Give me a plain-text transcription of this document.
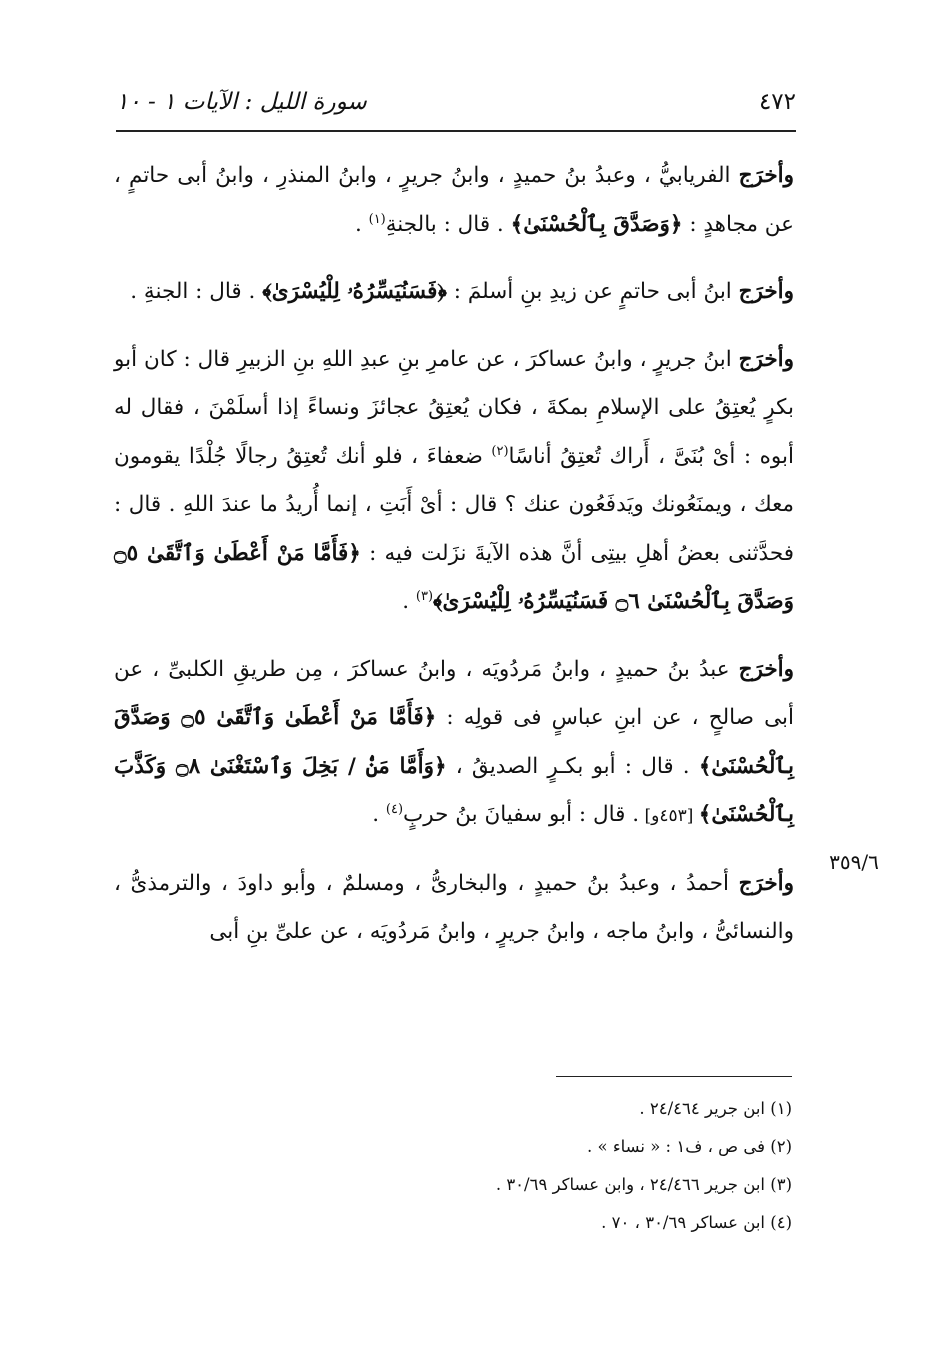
٤٧٢
سورة الليل : الآيات ١ - ١٠

وأخرَج الفريابيُّ ، وعبدُ بنُ حميدٍ ، وابنُ جريرٍ ، وابنُ المنذرِ ، وابنُ أبى حاتمٍ ، عن مجاهدٍ : ﴿وَصَدَّقَ بِٱلْحُسْنَىٰ﴾ . قال : بالجنةِ$^{(١)}$ .

وأخرَج ابنُ أبى حاتمٍ عن زيدِ بنِ أسلمَ : ﴿فَسَنُيَسِّرُهُۥ لِلْيُسْرَىٰ﴾ . قال : الجنةِ .

وأخرَج ابنُ جريرٍ ، وابنُ عساكرَ ، عن عامرِ بنِ عبدِ اللهِ بنِ الزبيرِ قال : كان أبو بكرٍ يُعتِقُ على الإسلامِ بمكةَ ، فكان يُعتِقُ عجائزَ ونساءً إذا أسلَمْنَ ، فقال له أبوه : أىْ بُنَىَّ ، أَراك تُعتِقُ أناسًا$^{(٢)}$ ضعفاءَ ، فلو أنك تُعتِقُ رجالًا جُلْدًا يقومون معك ، ويمنَعُونك ويَدفَعُون عنك ؟ قال : أىْ أَبَتِ ، إنما أُريدُ ما عندَ اللهِ . قال : فحدَّثنى بعضُ أهلِ بيتِى أنَّ هذه الآيةَ نزَلت فيه : ﴿فَأَمَّا مَنْ أَعْطَىٰ وَٱتَّقَىٰ ۝٥ وَصَدَّقَ بِٱلْحُسْنَىٰ ۝٦ فَسَنُيَسِّرُهُۥ لِلْيُسْرَىٰ﴾$^{(٣)}$ .

وأخرَج عبدُ بنُ حميدٍ ، وابنُ مَردُويَه ، وابنُ عساكرَ ، مِن طريقِ الكلبىِّ ، عن أبى صالحٍ ، عن ابنِ عباسٍ فى قولِه : ﴿فَأَمَّا مَنْ أَعْطَىٰ وَٱتَّقَىٰ ۝٥ وَصَدَّقَ بِٱلْحُسْنَىٰ﴾ . قال : أبو بكـرٍ الصديقُ ، ﴿وَأَمَّا مَنْۢ / بَخِلَ وَٱسْتَغْنَىٰ ۝٨ وَكَذَّبَ بِٱلْحُسْنَىٰ﴾ [٤٥٣و] . قال : أبو سفيانَ بنُ حربٍ$^{(٤)}$ .

وأخرَج أحمدُ ، وعبدُ بنُ حميدٍ ، والبخارىُّ ، ومسلمٌ ، وأبو داودَ ، والترمذىُّ ، والنسائىُّ ، وابنُ ماجه ، وابنُ جريرٍ ، وابنُ مَردُويَه ، عن علىِّ بنِ أبى

٣٥٩/٦

(١) ابن جرير ٢٤/٤٦٤ .

(٢) فى ص ، ف١ : « نساء » .

(٣) ابن جرير ٢٤/٤٦٦ ، وابن عساكر ٣٠/٦٩ .

(٤) ابن عساكر ٣٠/٦٩ ، ٧٠ .
